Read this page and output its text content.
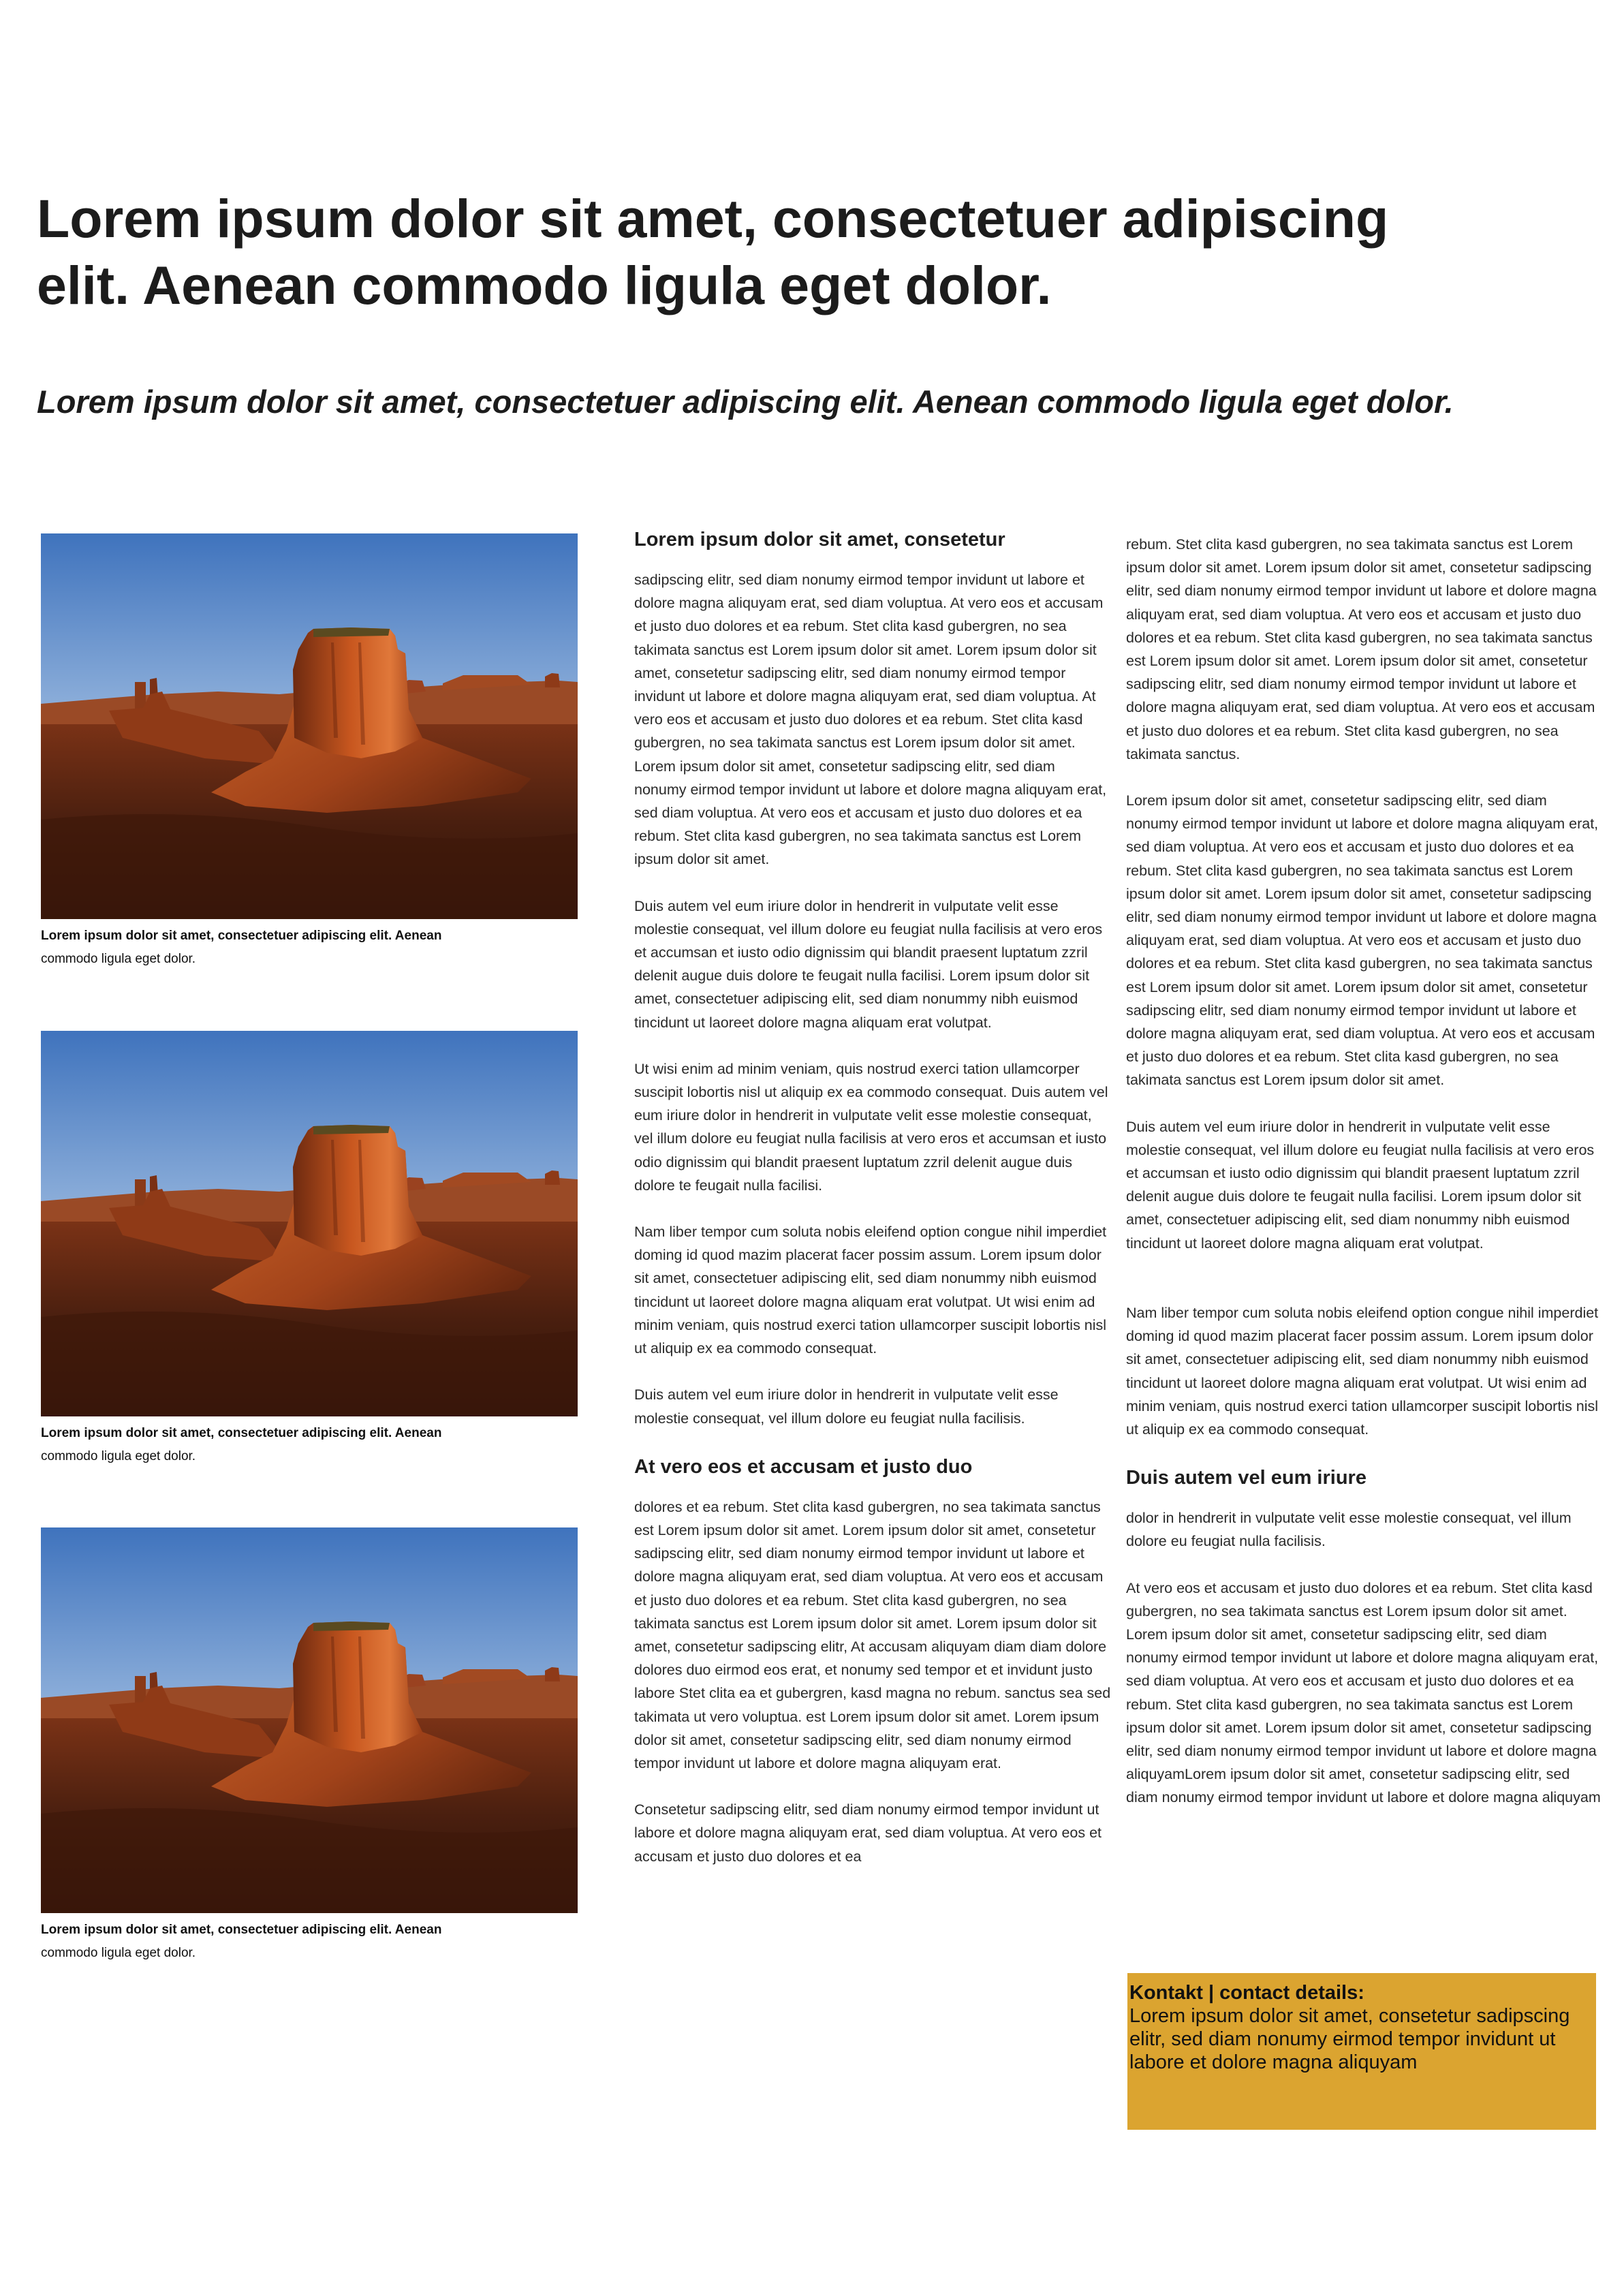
Lorem ipsum dolor sit amet, consectetuer adipiscing elit. Aenean commodo ligula eget dolor.
Lorem ipsum dolor sit amet, consectetuer adipiscing elit. Aenean commodo ligula eget dolor.
Lorem ipsum dolor sit amet, consectetuer adipiscing elit. Aenean
commodo ligula eget dolor.
Lorem ipsum dolor sit amet, consectetuer adipiscing elit. Aenean
commodo ligula eget dolor.
Lorem ipsum dolor sit amet, consectetuer adipiscing elit. Aenean
commodo ligula eget dolor.
Lorem ipsum dolor sit amet, consetetur

sadipscing elitr, sed diam nonumy eirmod tempor invidunt ut labore et dolore magna aliquyam erat, sed diam voluptua. At vero eos et accusam et justo duo dolores et ea rebum. Stet clita kasd gubergren, no sea takimata sanctus est Lorem ipsum dolor sit amet. Lorem ipsum dolor sit amet, consetetur sadipscing elitr, sed diam nonumy eirmod tempor invidunt ut labore et dolore magna aliquyam erat, sed diam voluptua. At vero eos et accusam et justo duo dolores et ea rebum. Stet clita kasd gubergren, no sea takimata sanctus est Lorem ipsum dolor sit amet. Lorem ipsum dolor sit amet, consetetur sadipscing elitr, sed diam nonumy eirmod tempor invidunt ut labore et dolore magna aliquyam erat, sed diam voluptua. At vero eos et accusam et justo duo dolores et ea rebum. Stet clita kasd gubergren, no sea takimata sanctus est Lorem ipsum dolor sit amet.

Duis autem vel eum iriure dolor in hendrerit in vulputate velit esse molestie consequat, vel illum dolore eu feugiat nulla facilisis at vero eros et accumsan et iusto odio dignissim qui blandit praesent luptatum zzril delenit augue duis dolore te feugait nulla facilisi. Lorem ipsum dolor sit amet, consectetuer adipiscing elit, sed diam nonummy nibh euismod tincidunt ut laoreet dolore magna aliquam erat volutpat.

Ut wisi enim ad minim veniam, quis nostrud exerci tation ullamcorper suscipit lobortis nisl ut aliquip ex ea commodo consequat. Duis autem vel eum iriure dolor in hendrerit in vulputate velit esse molestie consequat, vel illum dolore eu feugiat nulla facilisis at vero eros et accumsan et iusto odio dignissim qui blandit praesent luptatum zzril delenit augue duis dolore te feugait nulla facilisi.

Nam liber tempor cum soluta nobis eleifend option congue nihil imperdiet doming id quod mazim placerat facer possim assum. Lorem ipsum dolor sit amet, consectetuer adipiscing elit, sed diam nonummy nibh euismod tincidunt ut laoreet dolore magna aliquam erat volutpat. Ut wisi enim ad minim veniam, quis nostrud exerci tation ullamcorper suscipit lobortis nisl ut aliquip ex ea commodo consequat.

Duis autem vel eum iriure dolor in hendrerit in vulputate velit esse molestie consequat, vel illum dolore eu feugiat nulla facilisis.

At vero eos et accusam et justo duo

dolores et ea rebum. Stet clita kasd gubergren, no sea takimata sanctus est Lorem ipsum dolor sit amet. Lorem ipsum dolor sit amet, consetetur sadipscing elitr, sed diam nonumy eirmod tempor invidunt ut labore et dolore magna aliquyam erat, sed diam voluptua. At vero eos et accusam et justo duo dolores et ea rebum. Stet clita kasd gubergren, no sea takimata sanctus est Lorem ipsum dolor sit amet. Lorem ipsum dolor sit amet, consetetur sadipscing elitr, At accusam aliquyam diam diam dolore dolores duo eirmod eos erat, et nonumy sed tempor et et invidunt justo labore Stet clita ea et gubergren, kasd magna no rebum. sanctus sea sed takimata ut vero voluptua. est Lorem ipsum dolor sit amet. Lorem ipsum dolor sit amet, consetetur sadipscing elitr, sed diam nonumy eirmod tempor invidunt ut labore et dolore magna aliquyam erat.

Consetetur sadipscing elitr, sed diam nonumy eirmod tempor invidunt ut labore et dolore magna aliquyam erat, sed diam voluptua. At vero eos et accusam et justo duo dolores et ea

rebum. Stet clita kasd gubergren, no sea takimata sanctus est Lorem ipsum dolor sit amet. Lorem ipsum dolor sit amet, consetetur sadipscing elitr, sed diam nonumy eirmod tempor invidunt ut labore et dolore magna aliquyam erat, sed diam voluptua. At vero eos et accusam et justo duo dolores et ea rebum. Stet clita kasd gubergren, no sea takimata sanctus est Lorem ipsum dolor sit amet. Lorem ipsum dolor sit amet, consetetur sadipscing elitr, sed diam nonumy eirmod tempor invidunt ut labore et dolore magna aliquyam erat, sed diam voluptua. At vero eos et accusam et justo duo dolores et ea rebum. Stet clita kasd gubergren, no sea takimata sanctus.

Lorem ipsum dolor sit amet, consetetur sadipscing elitr, sed diam nonumy eirmod tempor invidunt ut labore et dolore magna aliquyam erat, sed diam voluptua. At vero eos et accusam et justo duo dolores et ea rebum. Stet clita kasd gubergren, no sea takimata sanctus est Lorem ipsum dolor sit amet. Lorem ipsum dolor sit amet, consetetur sadipscing elitr, sed diam nonumy eirmod tempor invidunt ut labore et dolore magna aliquyam erat, sed diam voluptua. At vero eos et accusam et justo duo dolores et ea rebum. Stet clita kasd gubergren, no sea takimata sanctus est Lorem ipsum dolor sit amet. Lorem ipsum dolor sit amet, consetetur sadipscing elitr, sed diam nonumy eirmod tempor invidunt ut labore et dolore magna aliquyam erat, sed diam voluptua. At vero eos et accusam et justo duo dolores et ea rebum. Stet clita kasd gubergren, no sea takimata sanctus est Lorem ipsum dolor sit amet.

Duis autem vel eum iriure dolor in hendrerit in vulputate velit esse molestie consequat, vel illum dolore eu feugiat nulla facilisis at vero eros et accumsan et iusto odio dignissim qui blandit praesent luptatum zzril delenit augue duis dolore te feugait nulla facilisi. Lorem ipsum dolor sit amet, consectetuer adipiscing elit, sed diam nonummy nibh euismod tincidunt ut laoreet dolore magna aliquam erat volutpat.

Nam liber tempor cum soluta nobis eleifend option congue nihil imperdiet doming id quod mazim placerat facer possim assum. Lorem ipsum dolor sit amet, consectetuer adipiscing elit, sed diam nonummy nibh euismod tincidunt ut laoreet dolore magna aliquam erat volutpat. Ut wisi enim ad minim veniam, quis nostrud exerci tation ullamcorper suscipit lobortis nisl ut aliquip ex ea commodo consequat.

Duis autem vel eum iriure

dolor in hendrerit in vulputate velit esse molestie consequat, vel illum dolore eu feugiat nulla facilisis.

At vero eos et accusam et justo duo dolores et ea rebum. Stet clita kasd gubergren, no sea takimata sanctus est Lorem ipsum dolor sit amet. Lorem ipsum dolor sit amet, consetetur sadipscing elitr, sed diam nonumy eirmod tempor invidunt ut labore et dolore magna aliquyam erat, sed diam voluptua. At vero eos et accusam et justo duo dolores et ea rebum. Stet clita kasd gubergren, no sea takimata sanctus est Lorem ipsum dolor sit amet. Lorem ipsum dolor sit amet, consetetur sadipscing elitr, sed diam nonumy eirmod tempor invidunt ut labore et dolore magna aliquyamLorem ipsum dolor sit amet, consetetur sadipscing elitr, sed diam nonumy eirmod tempor invidunt ut labore et dolore magna aliquyam

Kontakt | contact details:
Lorem ipsum dolor sit amet, consetetur sadipscing elitr, sed diam nonumy eirmod tempor invidunt ut labore et dolore magna aliquyam
